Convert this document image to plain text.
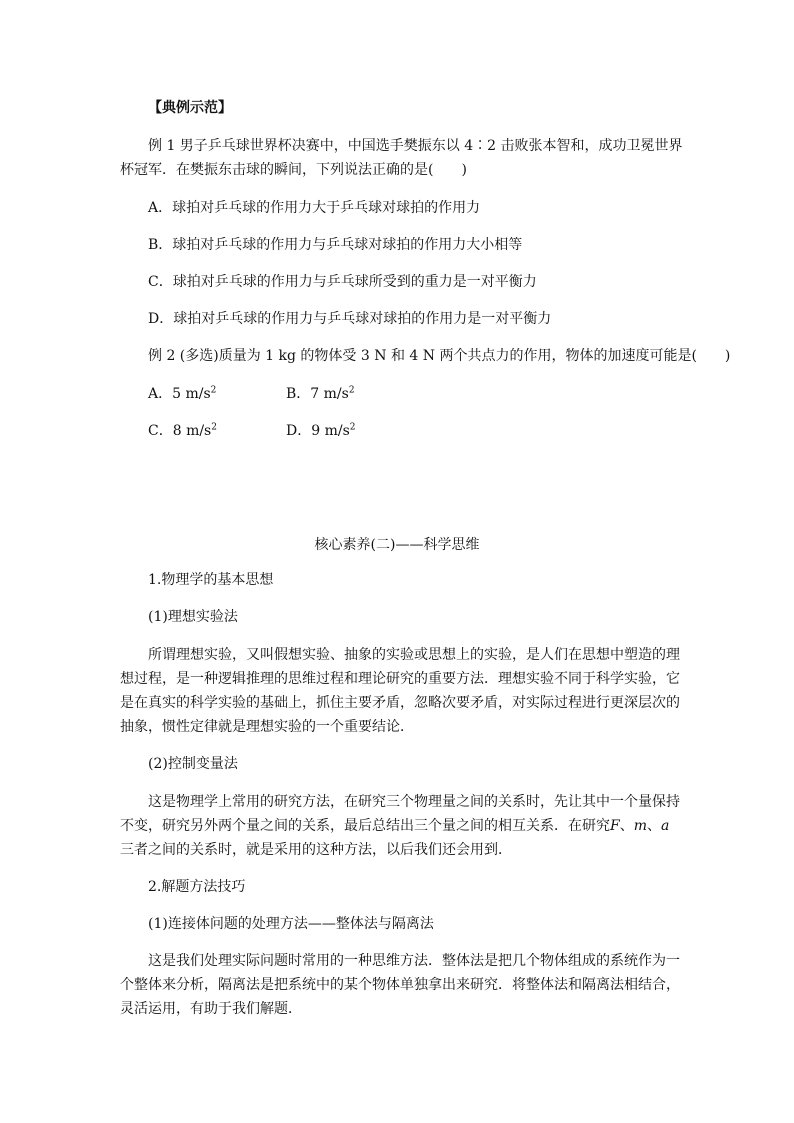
【典例示范】
例 1 男子乒乓球世界杯决赛中，中国选手樊振东以 4∶2 击败张本智和，成功卫冕世界
杯冠军．在樊振东击球的瞬间，下列说法正确的是(　　)
A．球拍对乒乓球的作用力大于乒乓球对球拍的作用力
B．球拍对乒乓球的作用力与乒乓球对球拍的作用力大小相等
C．球拍对乒乓球的作用力与乒乓球所受到的重力是一对平衡力
D．球拍对乒乓球的作用力与乒乓球对球拍的作用力是一对平衡力
例 2 (多选)质量为 1 kg 的物体受 3 N 和 4 N 两个共点力的作用，物体的加速度可能是(　　)
A．5 $m/s^2$	B．7 $m/s^2$
C．8 $m/s^2$	D．9 $m/s^2$
核心素养(二)——科学思维
1.物理学的基本思想
(1)理想实验法
所谓理想实验，又叫假想实验、抽象的实验或思想上的实验，是人们在思想中塑造的理
想过程，是一种逻辑推理的思维过程和理论研究的重要方法．理想实验不同于科学实验，它
是在真实的科学实验的基础上，抓住主要矛盾，忽略次要矛盾，对实际过程进行更深层次的
抽象，惯性定律就是理想实验的一个重要结论．
(2)控制变量法
这是物理学上常用的研究方法，在研究三个物理量之间的关系时，先让其中一个量保持
不变，研究另外两个量之间的关系，最后总结出三个量之间的相互关系．在研究F、m、a
三者之间的关系时，就是采用的这种方法，以后我们还会用到．
2.解题方法技巧
(1)连接体问题的处理方法——整体法与隔离法
这是我们处理实际问题时常用的一种思维方法．整体法是把几个物体组成的系统作为一
个整体来分析，隔离法是把系统中的某个物体单独拿出来研究．将整体法和隔离法相结合，
灵活运用，有助于我们解题．
